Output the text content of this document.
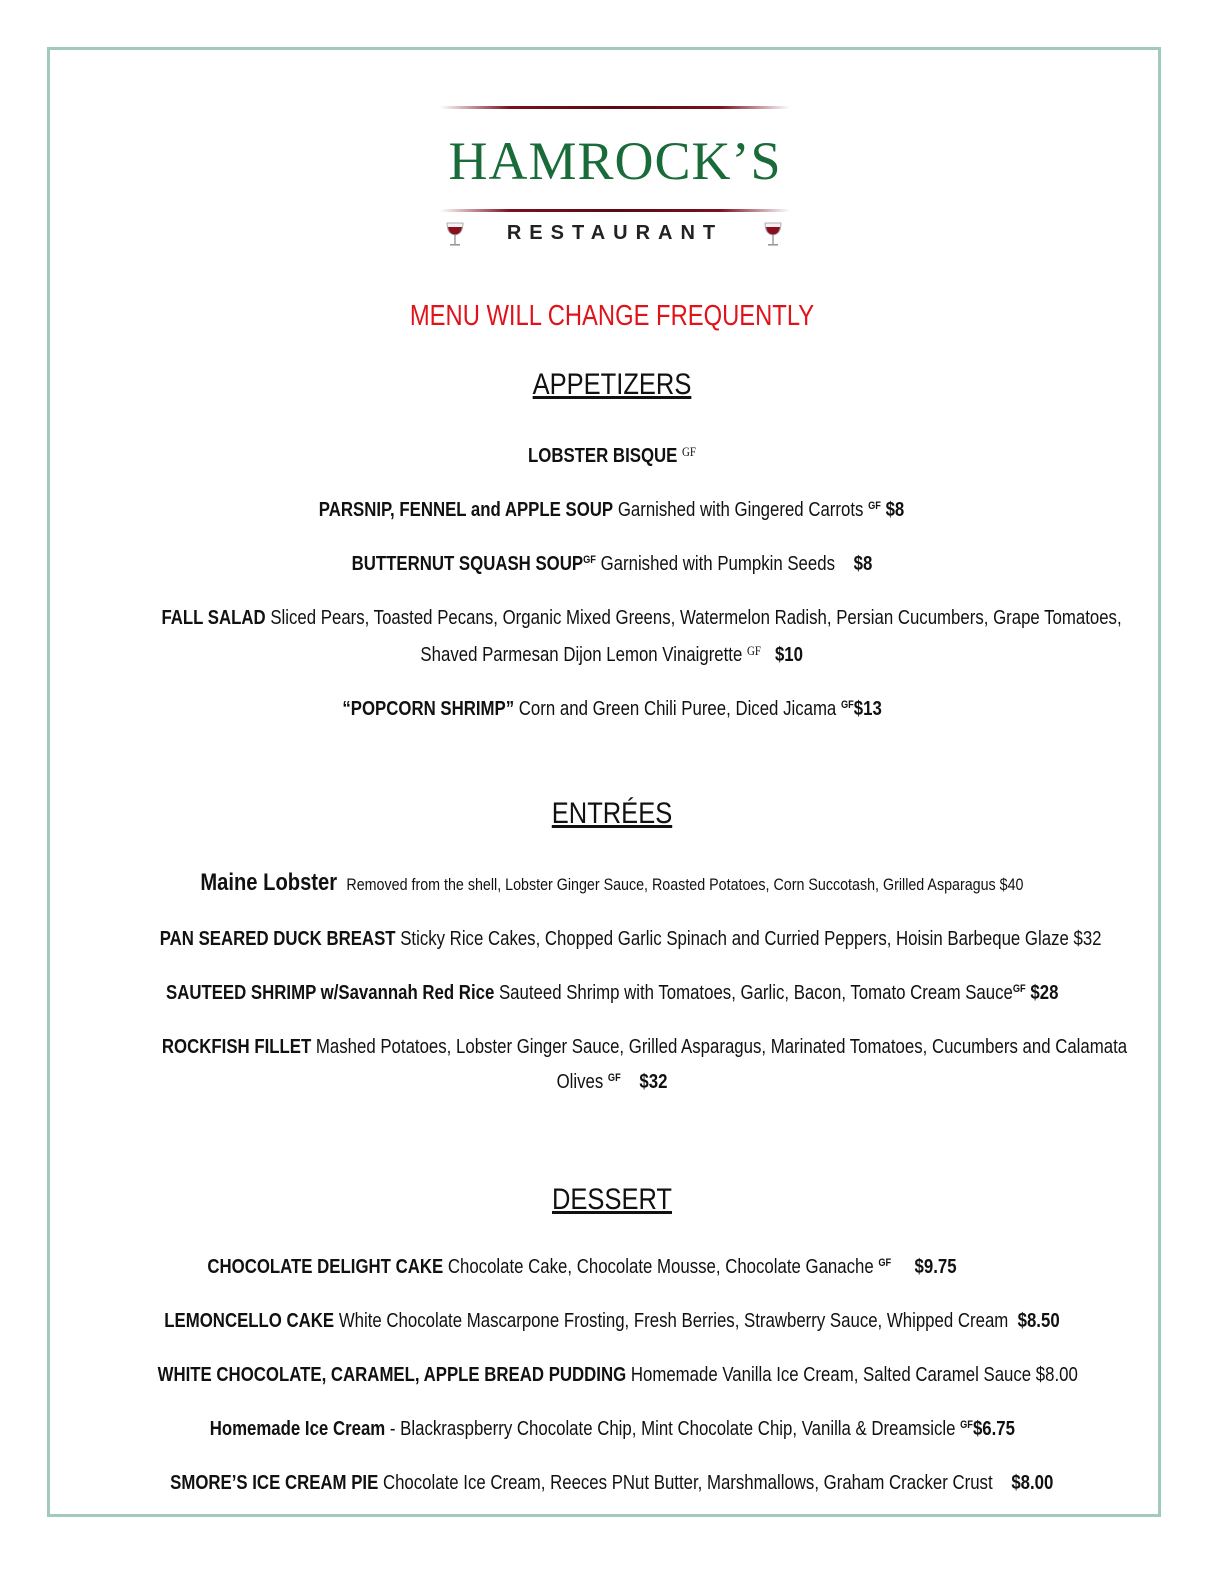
HAMROCK’S
RESTAURANT
MENU WILL CHANGE FREQUENTLY
APPETIZERS
LOBSTER BISQUE $^{GF}$
PARSNIP, FENNEL and APPLE SOUP Garnished with Gingered Carrots $^{GF}$ $8
BUTTERNUT SQUASH $SOUP^{GF}$ Garnished with Pumpkin Seeds $8
FALL SALAD Sliced Pears, Toasted Pecans, Organic Mixed Greens, Watermelon Radish, Persian Cucumbers, Grape Tomatoes,
Shaved Parmesan Dijon Lemon Vinaigrette $^{GF}$ $10
“POPCORN SHRIMP” Corn and Green Chili Puree, Diced Jicama $^{GF}$\$13
ENTRÉES
Maine Lobster Removed from the shell, Lobster Ginger Sauce, Roasted Potatoes, Corn Succotash, Grilled Asparagus $40
PAN SEARED DUCK BREAST Sticky Rice Cakes, Chopped Garlic Spinach and Curried Peppers, Hoisin Barbeque Glaze $32
SAUTEED SHRIMP w/Savannah Red Rice Sauteed Shrimp with Tomatoes, Garlic, Bacon, Tomato Cream Sauce$^{GF}$ $28
ROCKFISH FILLET Mashed Potatoes, Lobster Ginger Sauce, Grilled Asparagus, Marinated Tomatoes, Cucumbers and Calamata
Olives $^{GF}$ $32
DESSERT
CHOCOLATE DELIGHT CAKE Chocolate Cake, Chocolate Mousse, Chocolate Ganache $^{GF}$ $9.75
LEMONCELLO CAKE White Chocolate Mascarpone Frosting, Fresh Berries, Strawberry Sauce, Whipped Cream $8.50
WHITE CHOCOLATE, CARAMEL, APPLE BREAD PUDDING Homemade Vanilla Ice Cream, Salted Caramel Sauce $8.00
Homemade Ice Cream - Blackraspberry Chocolate Chip, Mint Chocolate Chip, Vanilla & Dreamsicle $^{GF}$\$6.75
SMORE’S ICE CREAM PIE Chocolate Ice Cream, Reeces PNut Butter, Marshmallows, Graham Cracker Crust $8.00
